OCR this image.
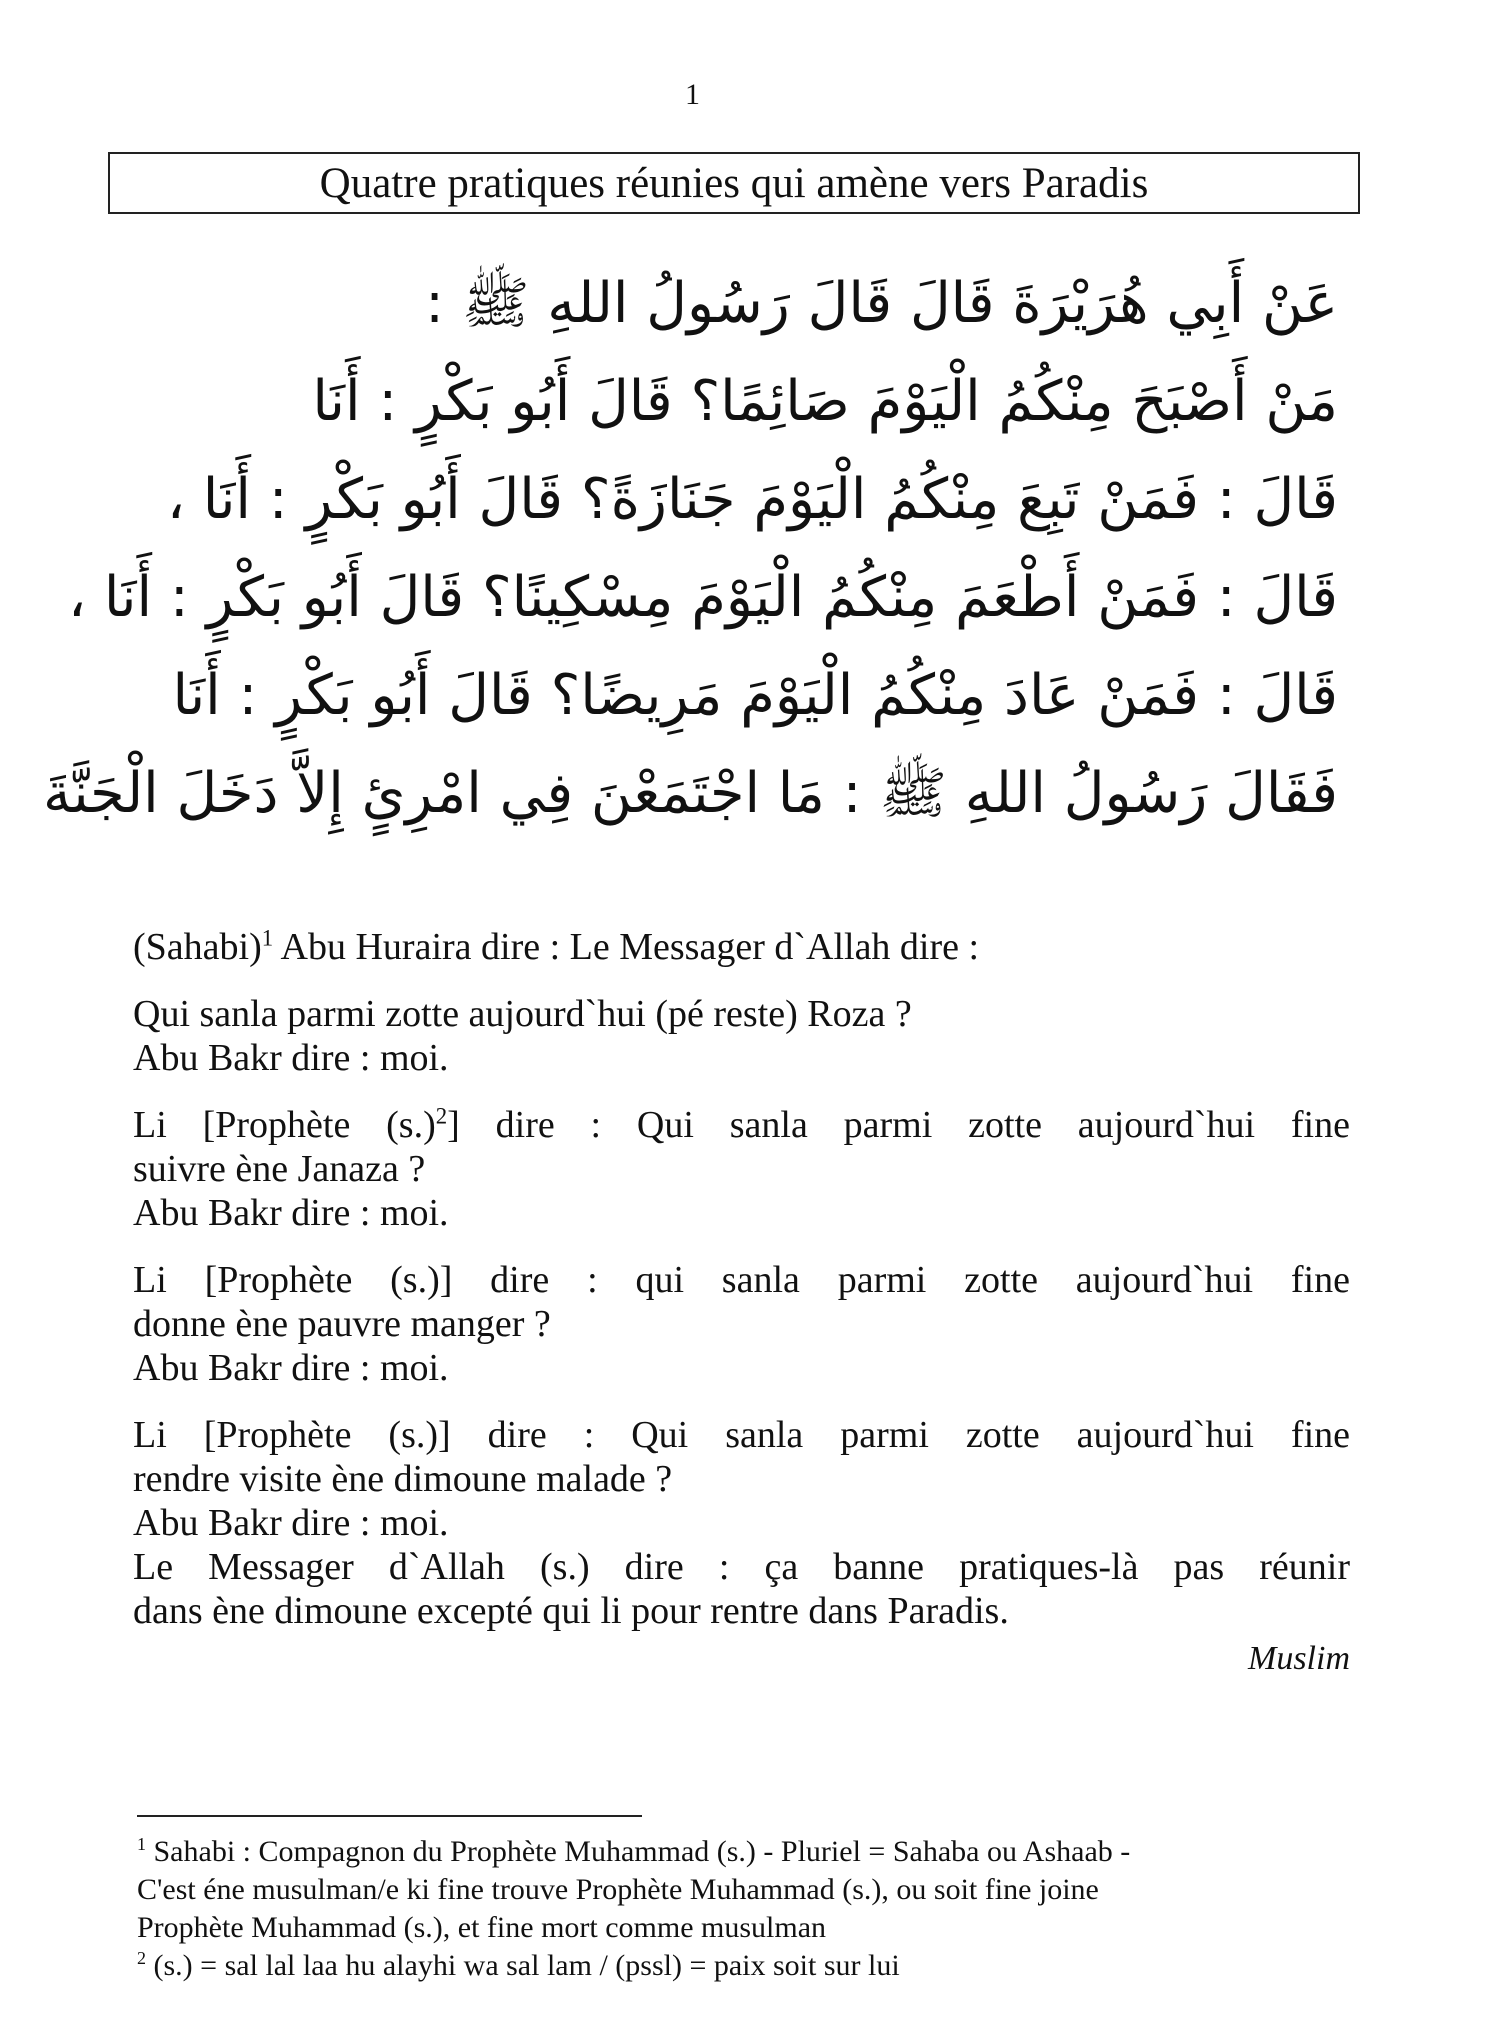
1
Quatre pratiques réunies qui amène vers Paradis
عَنْ أَبِي هُرَيْرَةَ قَالَ قَالَ رَسُولُ اللهِ ﷺ :
مَنْ أَصْبَحَ مِنْكُمُ الْيَوْمَ صَائِمًا؟ قَالَ أَبُو بَكْرٍ : أَنَا
قَالَ : فَمَنْ تَبِعَ مِنْكُمُ الْيَوْمَ جَنَازَةً؟ قَالَ أَبُو بَكْرٍ : أَنَا ،
قَالَ : فَمَنْ أَطْعَمَ مِنْكُمُ الْيَوْمَ مِسْكِينًا؟ قَالَ أَبُو بَكْرٍ : أَنَا ،
قَالَ : فَمَنْ عَادَ مِنْكُمُ الْيَوْمَ مَرِيضًا؟ قَالَ أَبُو بَكْرٍ : أَنَا
فَقَالَ رَسُولُ اللهِ ﷺ : مَا اجْتَمَعْنَ فِي امْرِئٍ إِلاَّ دَخَلَ الْجَنَّةَ

(Sahabi)$^1$ Abu Huraira dire : Le Messager d`Allah dire :

Qui sanla parmi zotte aujourd`hui (pé reste) Roza ?
Abu Bakr dire : moi.

Li [Prophète $(s.)^2$] dire : Qui sanla parmi zotte aujourd`hui fine
suivre ène Janaza ?
Abu Bakr dire : moi.

Li [Prophète (s.)] dire : qui sanla parmi zotte aujourd`hui fine
donne ène pauvre manger ?
Abu Bakr dire : moi.

Li [Prophète (s.)] dire : Qui sanla parmi zotte aujourd`hui fine
rendre visite ène dimoune malade ?
Abu Bakr dire : moi.
Le Messager d`Allah (s.) dire : ça banne pratiques-là pas réunir
dans ène dimoune excepté qui li pour rentre dans Paradis.

Muslim

$^1$ Sahabi : Compagnon du Prophète Muhammad (s.) - Pluriel = Sahaba ou Ashaab -

C'est éne musulman/e ki fine trouve Prophète Muhammad (s.), ou soit fine joine

Prophète Muhammad (s.), et fine mort comme musulman

$^2$ (s.) = sal lal laa hu alayhi wa sal lam / (pssl) = paix soit sur lui
